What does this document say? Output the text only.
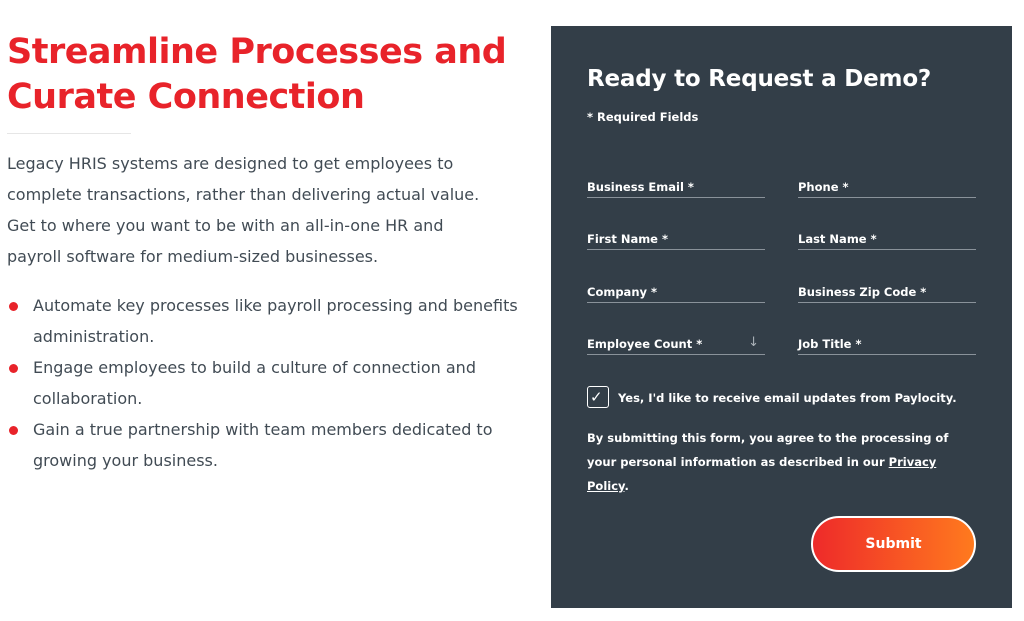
Streamline Processes and
Curate Connection

Legacy HRIS systems are designed to get employees to complete transactions, rather than delivering actual value. Get to where you want to be with an all-in-one HR and payroll software for medium-sized businesses.

Automate key processes like payroll processing and benefits administration.
Engage employees to build a culture of connection and collaboration.
Gain a true partnership with team members dedicated to growing your business.
Ready to Request a Demo?
* Required Fields
Business Email *	Phone *
First Name *	Last Name *
Company *	Business Zip Code *
Employee Count *	↓	Job Title *
✓ Yes, I'd like to receive email updates from Paylocity.

By submitting this form, you agree to the processing of your personal information as described in our Privacy Policy.

Submit
